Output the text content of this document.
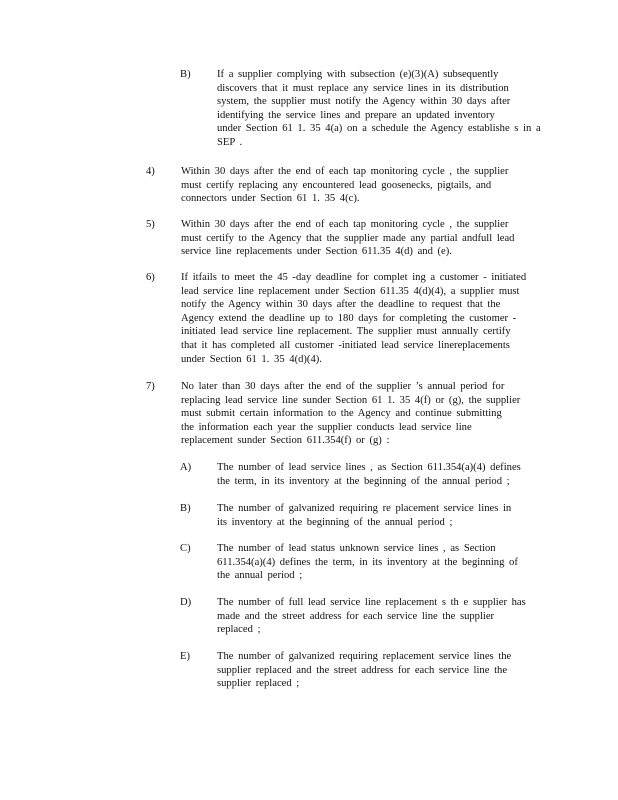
B) If a supplier complying with subsection (e)(3)(A) subsequently
discovers that it must replace any service lines in its distribution
system, the supplier must notify the Agency within 30 days after
identifying the service lines and prepare an updated inventory
under Section 61 1. 35 4(a) on a schedule the Agency establishe s in a
SEP .
4) Within 30 days after the end of each tap monitoring cycle , the supplier
must certify replacing any encountered lead goosenecks, pigtails, and
connectors under Section 61 1. 35 4(c).
5) Within 30 days after the end of each tap monitoring cycle , the supplier
must certify to the Agency that the supplier made any partial andfull lead
service line replacements under Section 611.35 4(d) and (e).
6) If itfails to meet the 45 -day deadline for complet ing a customer - initiated
lead service line replacement under Section 611.35 4(d)(4), a supplier must
notify the Agency within 30 days after the deadline to request that the
Agency extend the deadline up to 180 days for completing the customer -
initiated lead service line replacement. The supplier must annually certify
that it has completed all customer -initiated lead service linereplacements
under Section 61 1. 35 4(d)(4).
7) No later than 30 days after the end of the supplier ’s annual period for
replacing lead service line sunder Section 61 1. 35 4(f) or (g), the supplier
must submit certain information to the Agency and continue submitting
the information each year the supplier conducts lead service line
replacement sunder Section 611.354(f) or (g) :
A) The number of lead service lines , as Section 611.354(a)(4) defines
the term, in its inventory at the beginning of the annual period ;
B) The number of galvanized requiring re placement service lines in
its inventory at the beginning of the annual period ;
C) The number of lead status unknown service lines , as Section
611.354(a)(4) defines the term, in its inventory at the beginning of
the annual period ;
D) The number of full lead service line replacement s th e supplier has
made and the street address for each service line the supplier
replaced ;
E)	The number of galvanized requiring replacement service lines the
supplier replaced and the street address for each service line the
supplier replaced ;
